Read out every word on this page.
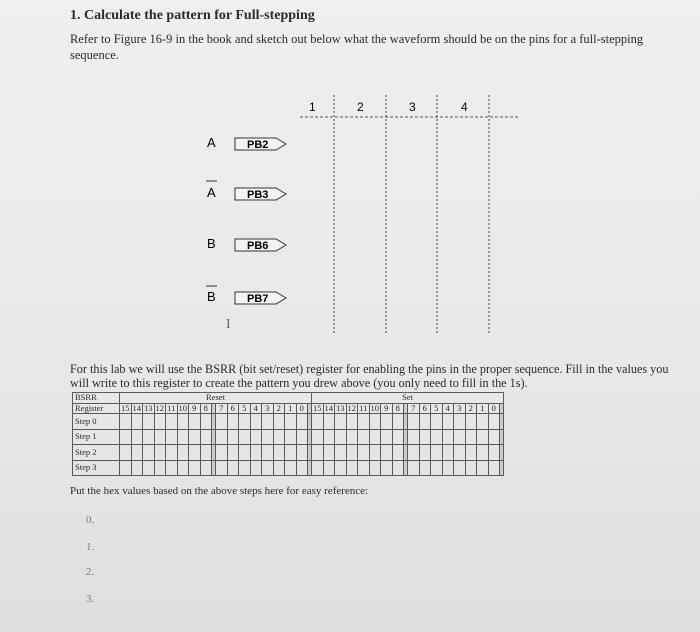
1. Calculate the pattern for Full-stepping
Refer to Figure 16-9 in the book and sketch out below what the waveform should be on the pins for a full-stepping sequence.
1	2	3	4
A	PB2
A	PB3
B	PB6
B	PB7
I
For this lab we will use the BSRR (bit set/reset) register for enabling the pins in the proper sequence. Fill in the values you will write to this register to create the pattern you drew above (you only need to fill in the 1s).
BSRR	Reset																		Set																	
Register	15	14	13	12	11	10	9	8		7	6	5	4	3	2	1	0		15	14	13	12	11	10	9	8		7	6	5	4	3	2	1	0	
Step 0																																				
Step 1																																				
Step 2																																				
Step 3																																				
Put the hex values based on the above steps here for easy reference:
0.
1.
2.
3.
